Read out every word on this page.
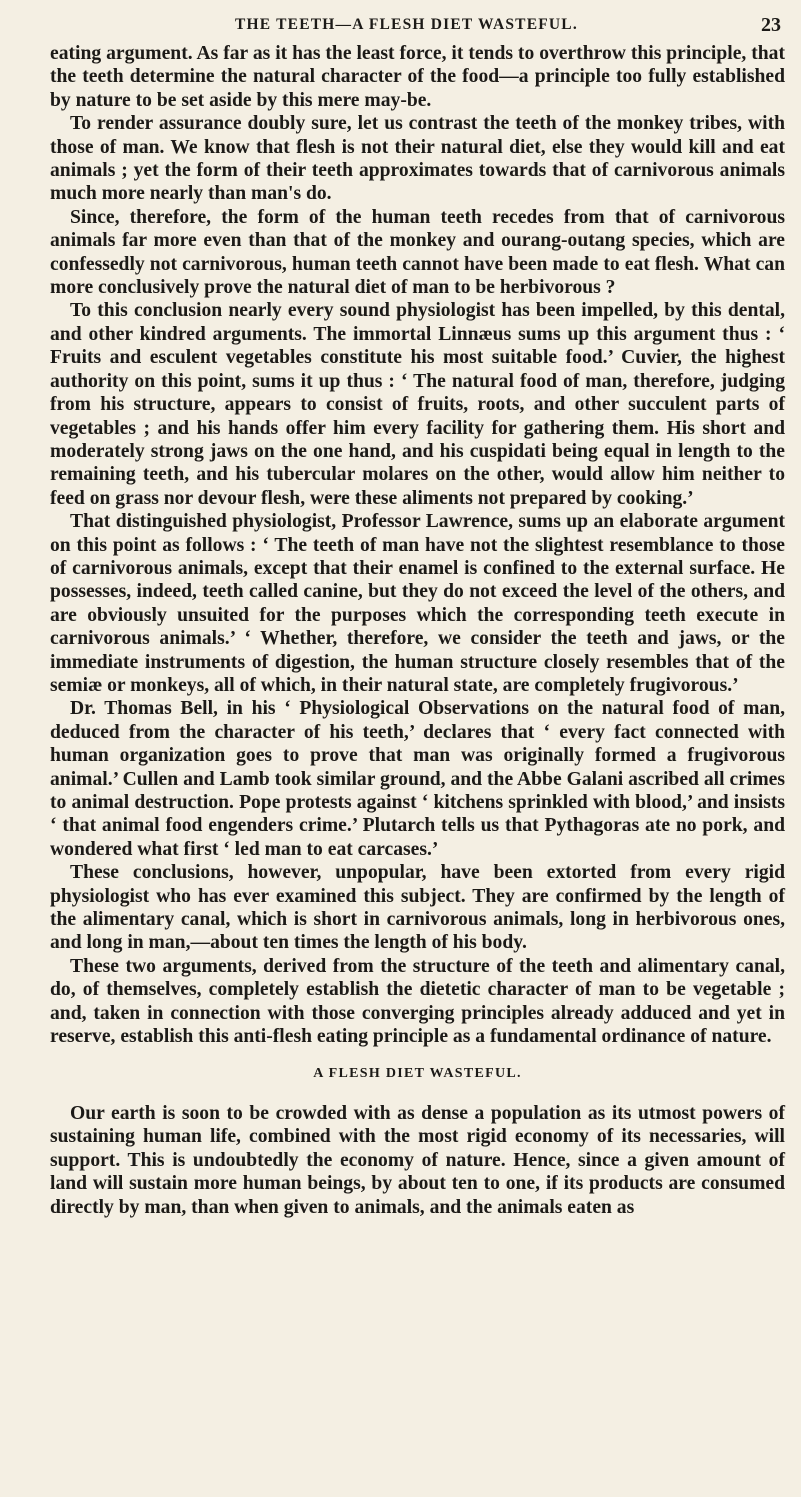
THE TEETH—A FLESH DIET WASTEFUL.	23

eating argument. As far as it has the least force, it tends to overthrow this principle, that the teeth determine the natural character of the food—a principle too fully established by nature to be set aside by this mere may-be.

To render assurance doubly sure, let us contrast the teeth of the monkey tribes, with those of man. We know that flesh is not their natural diet, else they would kill and eat animals ; yet the form of their teeth approximates towards that of carnivorous animals much more nearly than man's do.

Since, therefore, the form of the human teeth recedes from that of carnivorous animals far more even than that of the monkey and ourang-outang species, which are confessedly not carnivorous, human teeth cannot have been made to eat flesh. What can more conclusively prove the natural diet of man to be herbivorous ?

To this conclusion nearly every sound physiologist has been impelled, by this dental, and other kindred arguments. The immortal Linnæus sums up this argument thus : ‘ Fruits and esculent vegetables constitute his most suitable food.’ Cuvier, the highest authority on this point, sums it up thus : ‘ The natural food of man, therefore, judging from his structure, appears to consist of fruits, roots, and other succulent parts of vegetables ; and his hands offer him every facility for gathering them. His short and moderately strong jaws on the one hand, and his cuspidati being equal in length to the remaining teeth, and his tubercular molares on the other, would allow him neither to feed on grass nor devour flesh, were these aliments not prepared by cooking.’

That distinguished physiologist, Professor Lawrence, sums up an elaborate argument on this point as follows : ‘ The teeth of man have not the slightest resemblance to those of carnivorous animals, except that their enamel is confined to the external surface. He possesses, indeed, teeth called canine, but they do not exceed the level of the others, and are obviously unsuited for the purposes which the corresponding teeth execute in carnivorous animals.’ ‘ Whether, therefore, we consider the teeth and jaws, or the immediate instruments of digestion, the human structure closely resembles that of the semiæ or monkeys, all of which, in their natural state, are completely frugivorous.’

Dr. Thomas Bell, in his ‘ Physiological Observations on the natural food of man, deduced from the character of his teeth,’ declares that ‘ every fact connected with human organization goes to prove that man was originally formed a frugivorous animal.’ Cullen and Lamb took similar ground, and the Abbe Galani ascribed all crimes to animal destruction. Pope protests against ‘ kitchens sprinkled with blood,’ and insists ‘ that animal food engenders crime.’ Plutarch tells us that Pythagoras ate no pork, and wondered what first ‘ led man to eat carcases.’

These conclusions, however, unpopular, have been extorted from every rigid physiologist who has ever examined this subject. They are confirmed by the length of the alimentary canal, which is short in carnivorous animals, long in herbivorous ones, and long in man,—about ten times the length of his body.

These two arguments, derived from the structure of the teeth and alimentary canal, do, of themselves, completely establish the dietetic character of man to be vegetable ; and, taken in connection with those converging principles already adduced and yet in reserve, establish this anti-flesh eating principle as a fundamental ordinance of nature.

A FLESH DIET WASTEFUL.

Our earth is soon to be crowded with as dense a population as its utmost powers of sustaining human life, combined with the most rigid economy of its necessaries, will support. This is undoubtedly the economy of nature. Hence, since a given amount of land will sustain more human beings, by about ten to one, if its products are consumed directly by man, than when given to animals, and the animals eaten as
